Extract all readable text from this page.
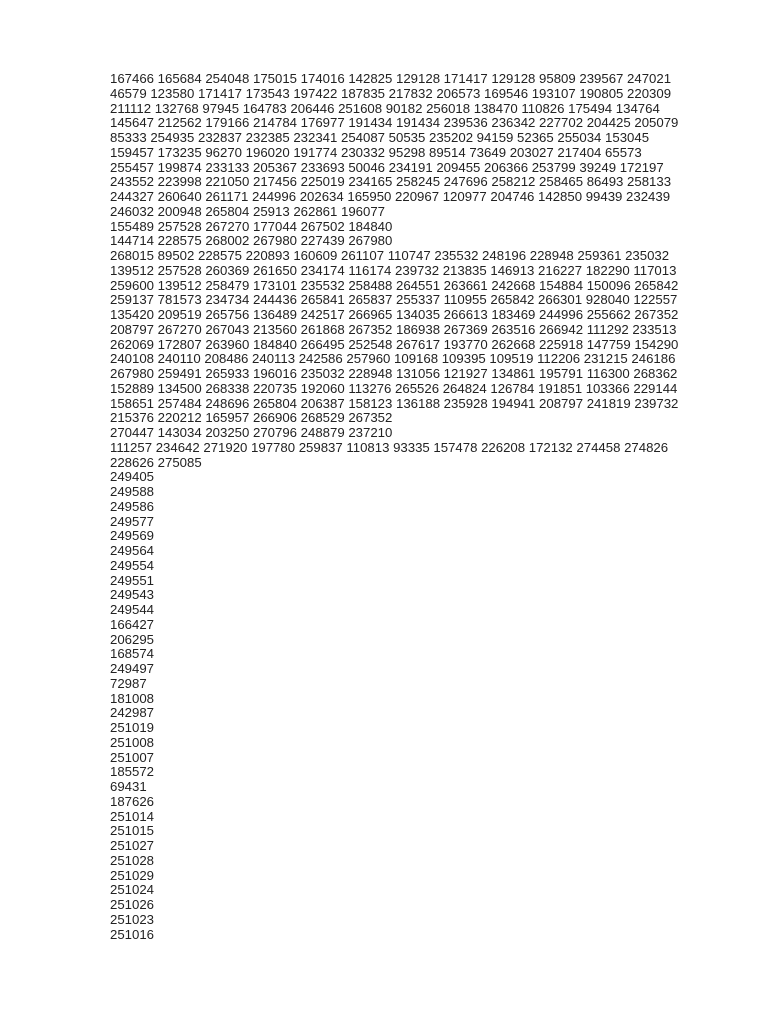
167466 165684 254048 175015 174016 142825 129128 171417 129128 95809 239567 247021
46579 123580 171417 173543 197422 187835 217832 206573 169546 193107 190805 220309
211112 132768 97945 164783 206446 251608 90182 256018 138470 110826 175494 134764
145647 212562 179166 214784 176977 191434 191434 239536 236342 227702 204425 205079
85333 254935 232837 232385 232341 254087 50535 235202 94159 52365 255034 153045
159457 173235 96270 196020 191774 230332 95298 89514 73649 203027 217404 65573
255457 199874 233133 205367 233693 50046 234191 209455 206366 253799 39249 172197
243552 223998 221050 217456 225019 234165 258245 247696 258212 258465 86493 258133
244327 260640 261171 244996 202634 165950 220967 120977 204746 142850 99439 232439
246032 200948 265804 25913 262861 196077
155489 257528 267270 177044 267502 184840
144714 228575 268002 267980 227439 267980
268015 89502 228575 220893 160609 261107 110747 235532 248196 228948 259361 235032
139512 257528 260369 261650 234174 116174 239732 213835 146913 216227 182290 117013
259600 139512 258479 173101 235532 258488 264551 263661 242668 154884 150096 265842
259137 781573 234734 244436 265841 265837 255337 110955 265842 266301 928040 122557
135420 209519 265756 136489 242517 266965 134035 266613 183469 244996 255662 267352
208797 267270 267043 213560 261868 267352 186938 267369 263516 266942 111292 233513
262069 172807 263960 184840 266495 252548 267617 193770 262668 225918 147759 154290
240108 240110 208486 240113 242586 257960 109168 109395 109519 112206 231215 246186
267980 259491 265933 196016 235032 228948 131056 121927 134861 195791 116300 268362
152889 134500 268338 220735 192060 113276 265526 264824 126784 191851 103366 229144
158651 257484 248696 265804 206387 158123 136188 235928 194941 208797 241819 239732
215376 220212 165957 266906 268529 267352
270447 143034 203250 270796 248879 237210
111257 234642 271920 197780 259837 110813 93335 157478 226208 172132 274458 274826
228626 275085
249405
249588
249586
249577
249569
249564
249554
249551
249543
249544
166427
206295
168574
249497
72987
181008
242987
251019
251008
251007
185572
69431
187626
251014
251015
251027
251028
251029
251024
251026
251023
251016
